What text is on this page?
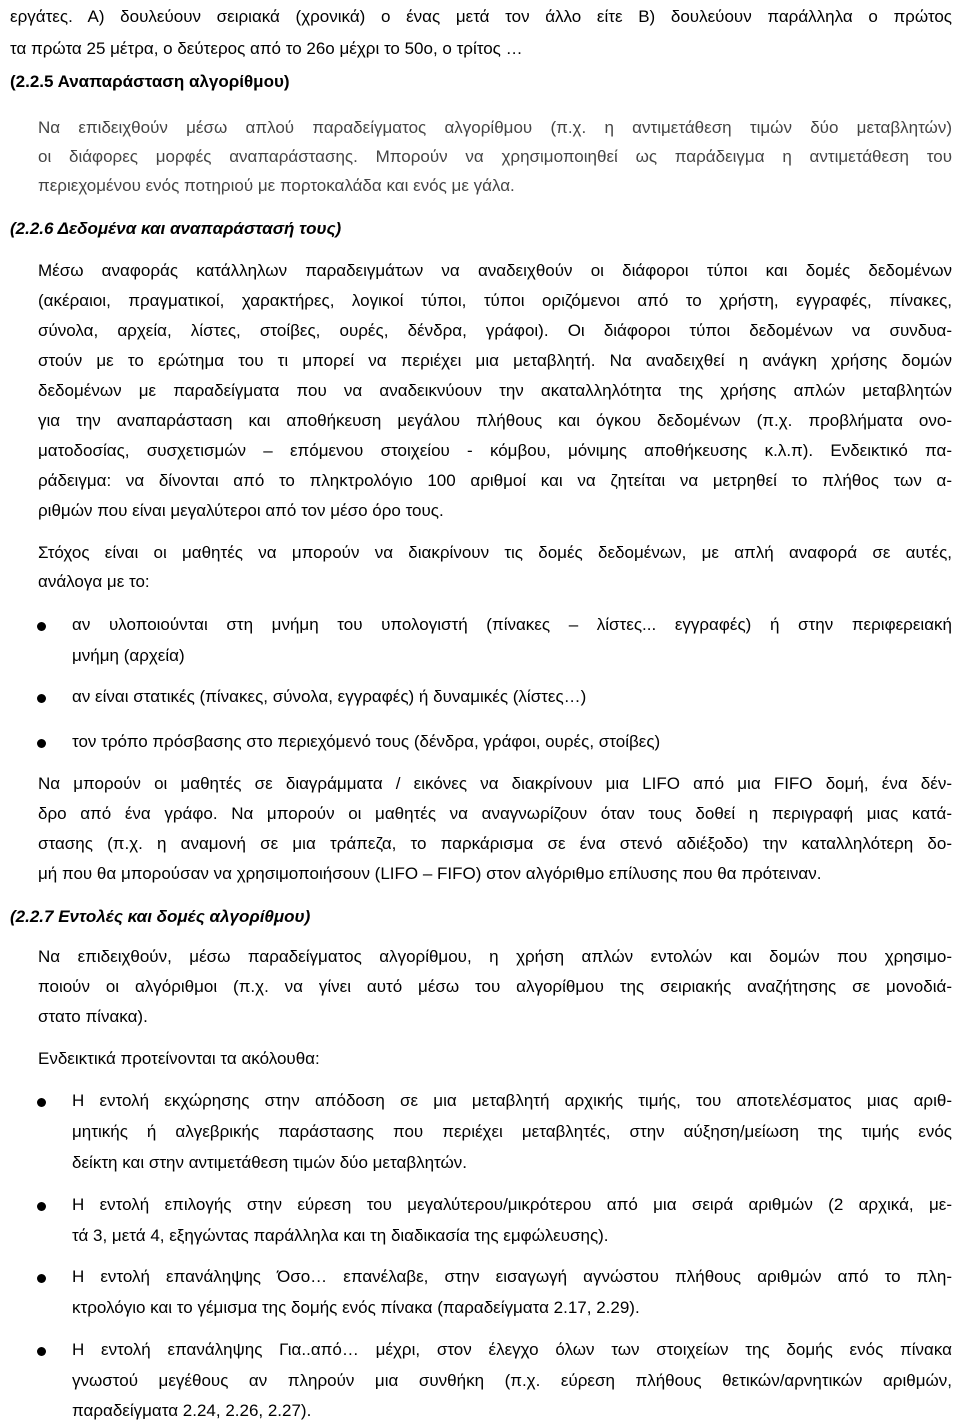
εργάτες. Α) δουλεύουν σειριακά (χρονικά) ο ένας μετά τον άλλο είτε Β) δουλεύουν παράλληλα ο πρώτος
τα πρώτα 25 μέτρα, ο δεύτερος από το 26ο μέχρι το 50ο, ο τρίτος …
(2.2.5 Αναπαράσταση αλγορίθμου)
Να επιδειχθούν μέσω απλού παραδείγματος αλγορίθμου (π.χ. η αντιμετάθεση τιμών δύο μεταβλητών)
οι διάφορες μορφές αναπαράστασης. Μπορούν να χρησιμοποιηθεί ως παράδειγμα η αντιμετάθεση του
περιεχομένου ενός ποτηριού με πορτοκαλάδα και ενός με γάλα.
(2.2.6 Δεδομένα και αναπαράστασή τους)
Μέσω αναφοράς κατάλληλων παραδειγμάτων να αναδειχθούν οι διάφοροι τύποι και δομές δεδομένων
(ακέραιοι, πραγματικοί, χαρακτήρες, λογικοί τύποι, τύποι οριζόμενοι από το χρήστη, εγγραφές, πίνακες,
σύνολα, αρχεία, λίστες, στοίβες, ουρές, δένδρα, γράφοι). Οι διάφοροι τύποι δεδομένων να συνδυα-
στούν με το ερώτημα του τι μπορεί να περιέχει μια μεταβλητή. Να αναδειχθεί η ανάγκη χρήσης δομών
δεδομένων με παραδείγματα που να αναδεικνύουν την ακαταλληλότητα της χρήσης απλών μεταβλητών
για την αναπαράσταση και αποθήκευση μεγάλου πλήθους και όγκου δεδομένων (π.χ. προβλήματα ονο-
ματοδοσίας, συσχετισμών – επόμενου στοιχείου - κόμβου, μόνιμης αποθήκευσης κ.λ.π). Ενδεικτικό πα-
ράδειγμα: να δίνονται από το πληκτρολόγιο 100 αριθμοί και να ζητείται να μετρηθεί το πλήθος των α-
ριθμών που είναι μεγαλύτεροι από τον μέσο όρο τους.
Στόχος είναι οι μαθητές να μπορούν να διακρίνουν τις δομές δεδομένων, με απλή αναφορά σε αυτές,
ανάλογα με το:
αν υλοποιούνται στη μνήμη του υπολογιστή (πίνακες – λίστες... εγγραφές) ή στην περιφερειακή
μνήμη (αρχεία)
αν είναι στατικές (πίνακες, σύνολα, εγγραφές) ή δυναμικές (λίστες…)
τον τρόπο πρόσβασης στο περιεχόμενό τους (δένδρα, γράφοι, ουρές, στοίβες)
Να μπορούν οι μαθητές σε διαγράμματα / εικόνες να διακρίνουν μια LIFO από μια FIFO δομή, ένα δέν-
δρο από ένα γράφο. Να μπορούν οι μαθητές να αναγνωρίζουν όταν τους δοθεί η περιγραφή μιας κατά-
στασης (π.χ. η αναμονή σε μια τράπεζα, το παρκάρισμα σε ένα στενό αδιέξοδο) την καταλληλότερη δο-
μή που θα μπορούσαν να χρησιμοποιήσουν (LIFO – FIFO) στον αλγόριθμο επίλυσης που θα πρότειναν.
(2.2.7 Εντολές και δομές αλγορίθμου)
Να επιδειχθούν, μέσω παραδείγματος αλγορίθμου, η χρήση απλών εντολών και δομών που χρησιμο-
ποιούν οι αλγόριθμοι (π.χ. να γίνει αυτό μέσω του αλγορίθμου της σειριακής αναζήτησης σε μονοδιά-
στατο πίνακα).
Ενδεικτικά προτείνονται τα ακόλουθα:
Η εντολή εκχώρησης στην απόδοση σε μια μεταβλητή αρχικής τιμής, του αποτελέσματος μιας αριθ-
μητικής ή αλγεβρικής παράστασης που περιέχει μεταβλητές, στην αύξηση/μείωση της τιμής ενός
δείκτη και στην αντιμετάθεση τιμών δύο μεταβλητών.
Η εντολή επιλογής στην εύρεση του μεγαλύτερου/μικρότερου από μια σειρά αριθμών (2 αρχικά, με-
τά 3, μετά 4, εξηγώντας παράλληλα και τη διαδικασία της εμφώλευσης).
Η εντολή επανάληψης Όσο… επανέλαβε, στην εισαγωγή αγνώστου πλήθους αριθμών από το πλη-
κτρολόγιο και το γέμισμα της δομής ενός πίνακα (παραδείγματα 2.17, 2.29).
Η εντολή επανάληψης Για..από… μέχρι, στον έλεγχο όλων των στοιχείων της δομής ενός πίνακα
γνωστού μεγέθους αν πληρούν μια συνθήκη (π.χ. εύρεση πλήθους θετικών/αρνητικών αριθμών,
παραδείγματα 2.24, 2.26, 2.27).
